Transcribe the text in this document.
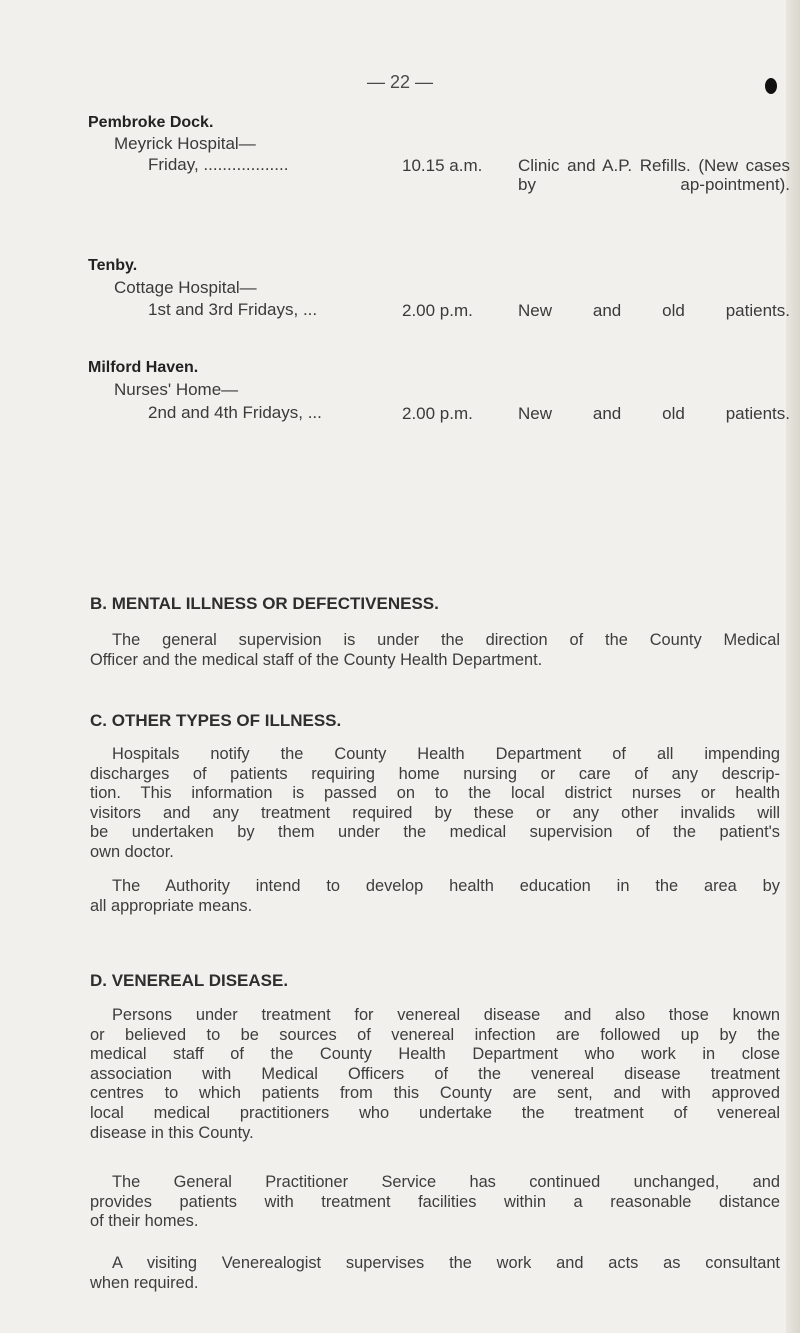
— 22 —
Pembroke Dock.
Meyrick Hospital—
Friday, ..................	10.15 a.m. Clinic and A.P. Refills. (New cases by ap-pointment).
Tenby.
Cottage Hospital—
1st and 3rd Fridays, ...	2.00 p.m.	New and old patients.
Milford Haven.
Nurses' Home—
2nd and 4th Fridays, ...	2.00 p.m.	New and old patients.
B. MENTAL ILLNESS OR DEFECTIVENESS.
The general supervision is under the direction of the County Medical
Officer and the medical staff of the County Health Department.
C. OTHER TYPES OF ILLNESS.
Hospitals notify the County Health Department of all impending
discharges of patients requiring home nursing or care of any descrip-
tion. This information is passed on to the local district nurses or health
visitors and any treatment required by these or any other invalids will
be undertaken by them under the medical supervision of the patient's
own doctor.
The Authority intend to develop health education in the area by
all appropriate means.
D. VENEREAL DISEASE.
Persons under treatment for venereal disease and also those known
or believed to be sources of venereal infection are followed up by the
medical staff of the County Health Department who work in close
association with Medical Officers of the venereal disease treatment
centres to which patients from this County are sent, and with approved
local medical practitioners who undertake the treatment of venereal
disease in this County.
The General Practitioner Service has continued unchanged, and
provides patients with treatment facilities within a reasonable distance
of their homes.
A visiting Venerealogist supervises the work and acts as consultant
when required.
